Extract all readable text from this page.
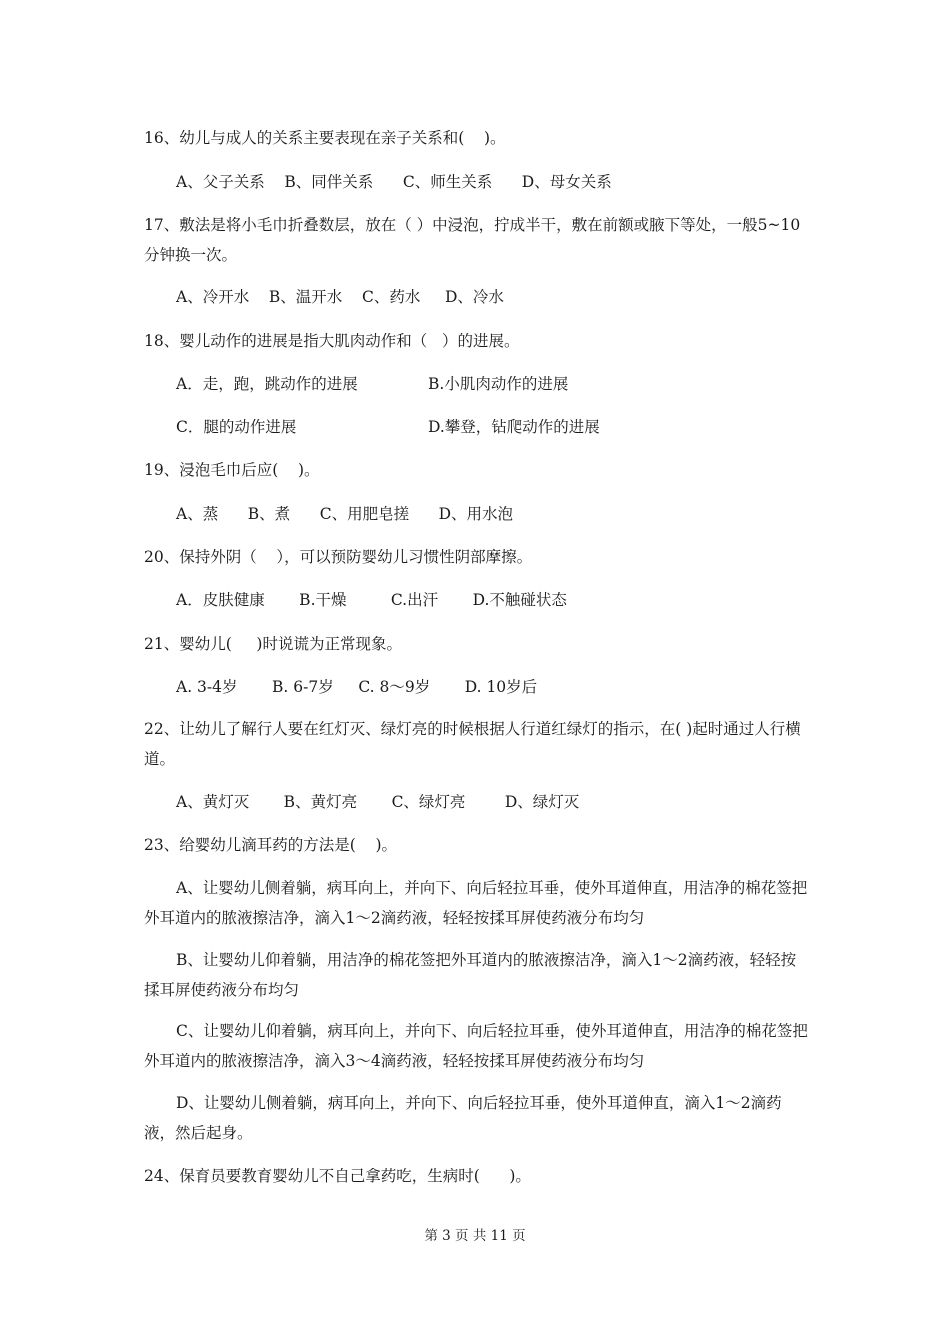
16、幼儿与成人的关系主要表现在亲子关系和(    )。
A、父子关系    B、同伴关系      C、师生关系      D、母女关系
17、敷法是将小毛巾折叠数层，放在（ ）中浸泡，拧成半干，敷在前额或腋下等处，一般5~10分钟换一次。
A、冷开水    B、温开水    C、药水     D、冷水
18、婴儿动作的进展是指大肌肉动作和（   ）的进展。
A．走，跑，跳动作的进展	B.小肌肉动作的进展
C．腿的动作进展	D.攀登，钻爬动作的进展
19、浸泡毛巾后应(    )。
A、蒸      B、煮      C、用肥皂搓      D、用水泡
20、保持外阴（    ），可以预防婴幼儿习惯性阴部摩擦。
A．皮肤健康       B.干燥         C.出汗       D.不触碰状态
21、婴幼儿(     )时说谎为正常现象。
A. 3-4岁       B. 6-7岁     C. 8～9岁       D. 10岁后
22、让幼儿了解行人要在红灯灭、绿灯亮的时候根据人行道红绿灯的指示，在( )起时通过人行横道。
A、黄灯灭       B、黄灯亮       C、绿灯亮        D、绿灯灭
23、给婴幼儿滴耳药的方法是(    )。
A、让婴幼儿侧着躺，病耳向上，并向下、向后轻拉耳垂，使外耳道伸直，用洁净的棉花签把外耳道内的脓液擦洁净，滴入1～2滴药液，轻轻按揉耳屏使药液分布均匀
B、让婴幼儿仰着躺，用洁净的棉花签把外耳道内的脓液擦洁净，滴入1～2滴药液，轻轻按揉耳屏使药液分布均匀
C、让婴幼儿仰着躺，病耳向上，并向下、向后轻拉耳垂，使外耳道伸直，用洁净的棉花签把外耳道内的脓液擦洁净，滴入3～4滴药液，轻轻按揉耳屏使药液分布均匀
D、让婴幼儿侧着躺，病耳向上，并向下、向后轻拉耳垂，使外耳道伸直，滴入1～2滴药液，然后起身。
24、保育员要教育婴幼儿不自己拿药吃，生病时(      )。
第 3 页 共 11 页
